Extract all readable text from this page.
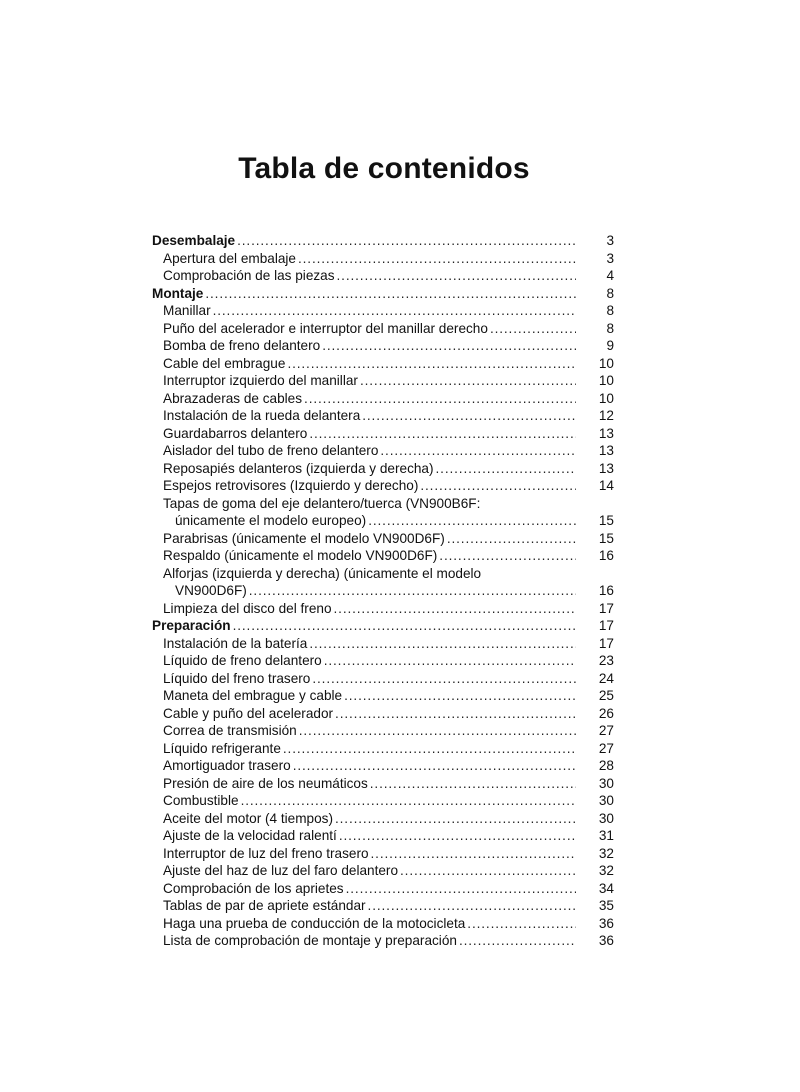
Tabla de contenidos
Desembalaje . . .	3
Apertura del embalaje . . .	3
Comprobación de las piezas . . .	4
Montaje . . .	8
Manillar . . .	8
Puño del acelerador e interruptor del manillar derecho . . .	8
Bomba de freno delantero . . .	9
Cable del embrague . . .	10
Interruptor izquierdo del manillar . . .	10
Abrazaderas de cables . . .	10
Instalación de la rueda delantera . . .	12
Guardabarros delantero . . .	13
Aislador del tubo de freno delantero . . .	13
Reposapiés delanteros (izquierda y derecha) . . .	13
Espejos retrovisores (Izquierdo y derecho) . . .	14
Tapas de goma del eje delantero/tuerca (VN900B6F:
únicamente el modelo europeo) . . .	15
Parabrisas (únicamente el modelo VN900D6F) . . .	15
Respaldo (únicamente el modelo VN900D6F) . . .	16
Alforjas (izquierda y derecha) (únicamente el modelo
VN900D6F) . . .	16
Limpieza del disco del freno . . .	17
Preparación . . .	17
Instalación de la batería . . .	17
Líquido de freno delantero . . .	23
Líquido del freno trasero . . .	24
Maneta del embrague y cable . . .	25
Cable y puño del acelerador . . .	26
Correa de transmisión . . .	27
Líquido refrigerante . . .	27
Amortiguador trasero . . .	28
Presión de aire de los neumáticos . . .	30
Combustible . . .	30
Aceite del motor (4 tiempos) . . .	30
Ajuste de la velocidad ralentí . . .	31
Interruptor de luz del freno trasero . . .	32
Ajuste del haz de luz del faro delantero . . .	32
Comprobación de los aprietes . . .	34
Tablas de par de apriete estándar . . .	35
Haga una prueba de conducción de la motocicleta . . .	36
Lista de comprobación de montaje y preparación . . .	36
